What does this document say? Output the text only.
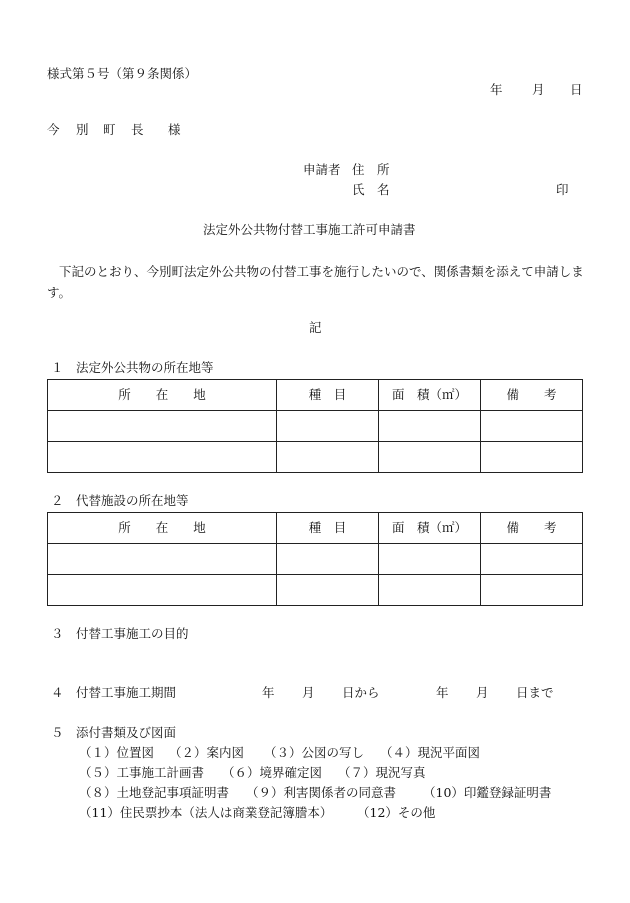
様式第５号（第９条関係）
年 月 日
今 別 町 長 様
申請者 住　所
氏　名	印
法定外公共物付替工事施工許可申請書
下記のとおり、今別町法定外公共物の付替工事を施行したいので、関係書類を添えて申請します。
記
１　法定外公共物の所在地等
所　　在　　地	種　目	面　積（㎡）	備　　考

２　代替施設の所在地等
所　　在　　地	種　目	面　積（㎡）	備　　考

３　付替工事施工の目的
４　付替工事施工期間	年 月 日から	年 月 日まで
５　添付書類及び図面
（１）位置図 （２）案内図 （３）公図の写し （４）現況平面図
（５）工事施工計画書 （６）境界確定図 （７）現況写真
（８）土地登記事項証明書 （９）利害関係者の同意書 （10）印鑑登録証明書
（11）住民票抄本（法人は商業登記簿謄本） （12）その他
